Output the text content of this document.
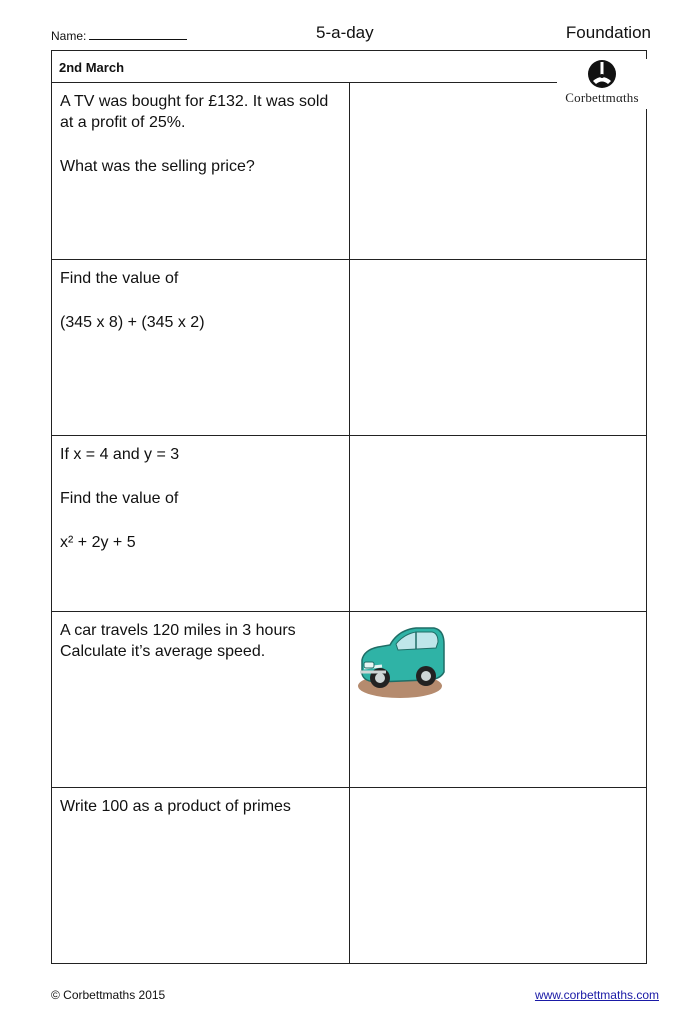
Name:	5-a-day	Foundation
2nd March

A TV was bought for £132. It was sold at a profit of 25%.

What was the selling price?

Find the value of

(345 x 8) + (345 x 2)

If x = 4 and y = 3

Find the value of

x² + 2y + 5

A car travels 120 miles in 3 hours Calculate it’s average speed.

Write 100 as a product of primes

Corbettmαths
© Corbettmaths 2015	www.corbettmaths.com
